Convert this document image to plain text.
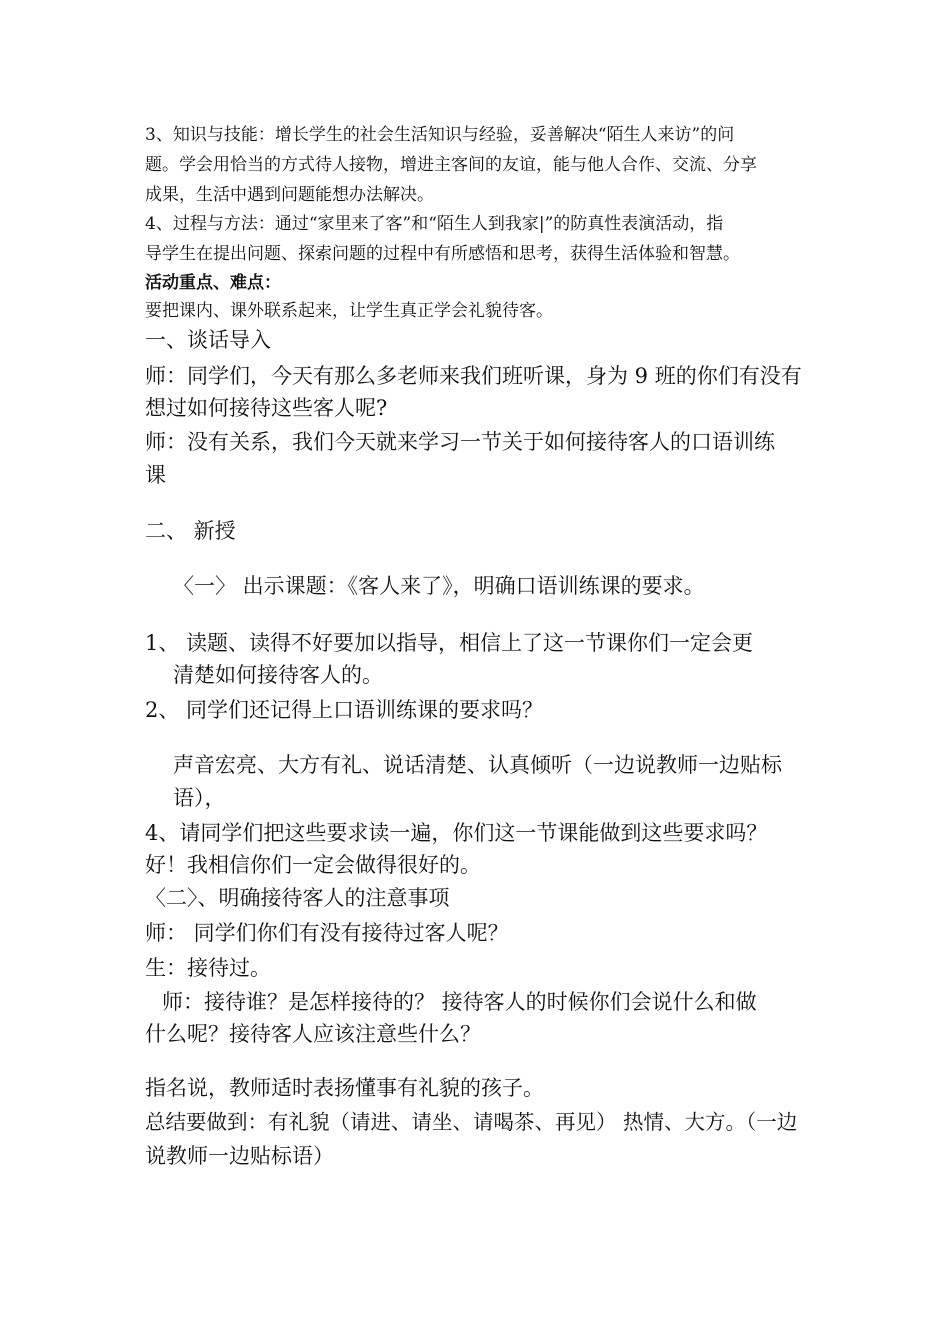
3、知识与技能：增长学生的社会生活知识与经验，妥善解决“陌生人来访”的问
题。学会用恰当的方式待人接物，增进主客间的友谊，能与他人合作、交流、分享
成果，生活中遇到问题能想办法解决。
4、过程与方法：通过“家里来了客”和“陌生人到我家|”的防真性表演活动，指
导学生在提出问题、探索问题的过程中有所感悟和思考，获得生活体验和智慧。
活动重点、难点：
要把课内、课外联系起来，让学生真正学会礼貌待客。
一、谈话导入
师：同学们，今天有那么多老师来我们班听课，身为 9 班的你们有没有
想过如何接待这些客人呢?
师：没有关系，我们今天就来学习一节关于如何接待客人的口语训练
课
二、 新授
〈一〉 出示课题：《客人来了》，明确口语训练课的要求。
1、 读题、读得不好要加以指导，相信上了这一节课你们一定会更
清楚如何接待客人的。
2、 同学们还记得上口语训练课的要求吗？
声音宏亮、大方有礼、说话清楚、认真倾听（一边说教师一边贴标
语），
4、请同学们把这些要求读一遍，你们这一节课能做到这些要求吗？
好！我相信你们一定会做得很好的。
〈二〉、明确接待客人的注意事项
师： 同学们你们有没有接待过客人呢？
生：接待过。
师：接待谁？是怎样接待的？ 接待客人的时候你们会说什么和做
什么呢？接待客人应该注意些什么？
指名说，教师适时表扬懂事有礼貌的孩子。
总结要做到：有礼貌（请进、请坐、请喝茶、再见） 热情、大方。（一边
说教师一边贴标语）
